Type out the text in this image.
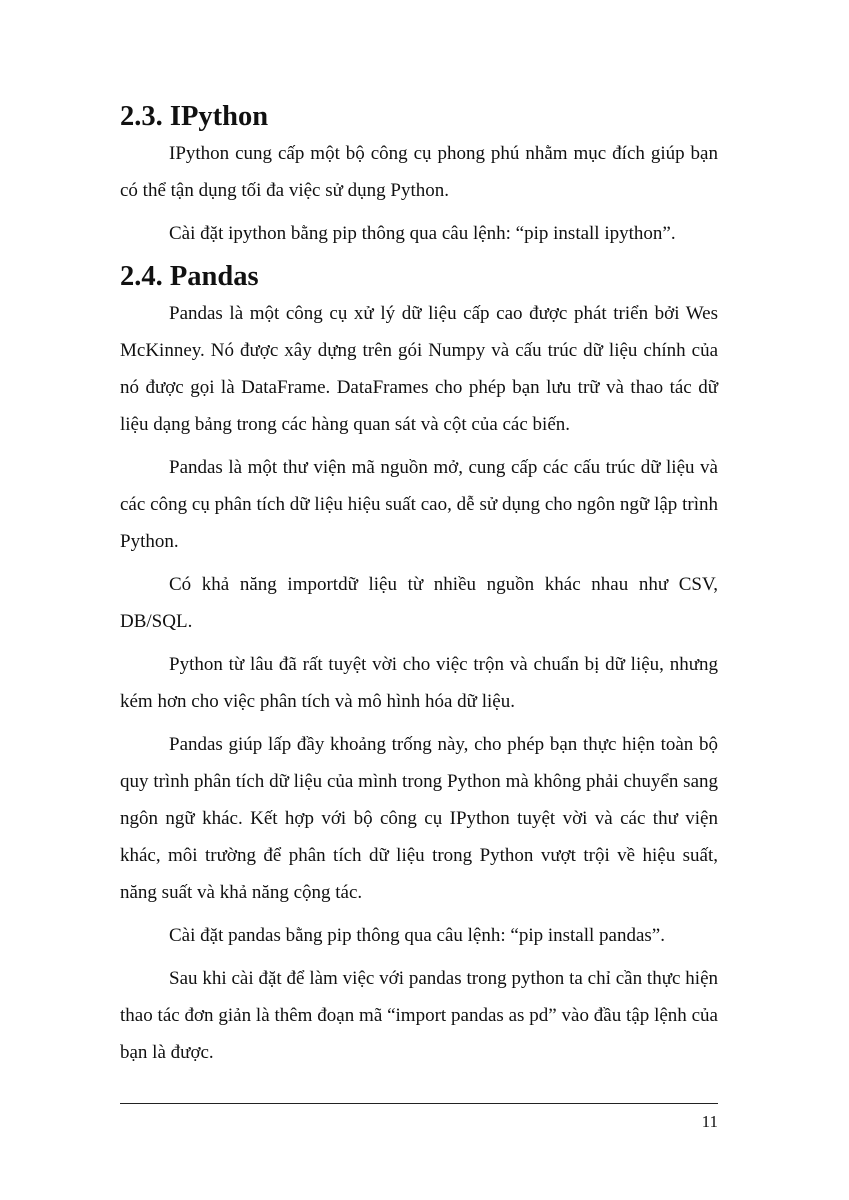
2.3. IPython

IPython cung cấp một bộ công cụ phong phú nhằm mục đích giúp bạn có thể tận dụng tối đa việc sử dụng Python.

Cài đặt ipython bằng pip thông qua câu lệnh: “pip install ipython”.

2.4. Pandas

Pandas là một công cụ xử lý dữ liệu cấp cao được phát triển bởi Wes McKinney. Nó được xây dựng trên gói Numpy và cấu trúc dữ liệu chính của nó được gọi là DataFrame. DataFrames cho phép bạn lưu trữ và thao tác dữ liệu dạng bảng trong các hàng quan sát và cột của các biến.

Pandas là một thư viện mã nguồn mở, cung cấp các cấu trúc dữ liệu và các công cụ phân tích dữ liệu hiệu suất cao, dễ sử dụng cho ngôn ngữ lập trình Python.

Có khả năng importdữ liệu từ nhiều nguồn khác nhau như CSV, DB/SQL.

Python từ lâu đã rất tuyệt vời cho việc trộn và chuẩn bị dữ liệu, nhưng kém hơn cho việc phân tích và mô hình hóa dữ liệu.

Pandas giúp lấp đầy khoảng trống này, cho phép bạn thực hiện toàn bộ quy trình phân tích dữ liệu của mình trong Python mà không phải chuyển sang ngôn ngữ khác. Kết hợp với bộ công cụ IPython tuyệt vời và các thư viện khác, môi trường để phân tích dữ liệu trong Python vượt trội về hiệu suất, năng suất và khả năng cộng tác.

Cài đặt pandas bằng pip thông qua câu lệnh: “pip install pandas”.

Sau khi cài đặt để làm việc với pandas trong python ta chỉ cần thực hiện thao tác đơn giản là thêm đoạn mã “import pandas as pd” vào đầu tập lệnh của bạn là được.

11
